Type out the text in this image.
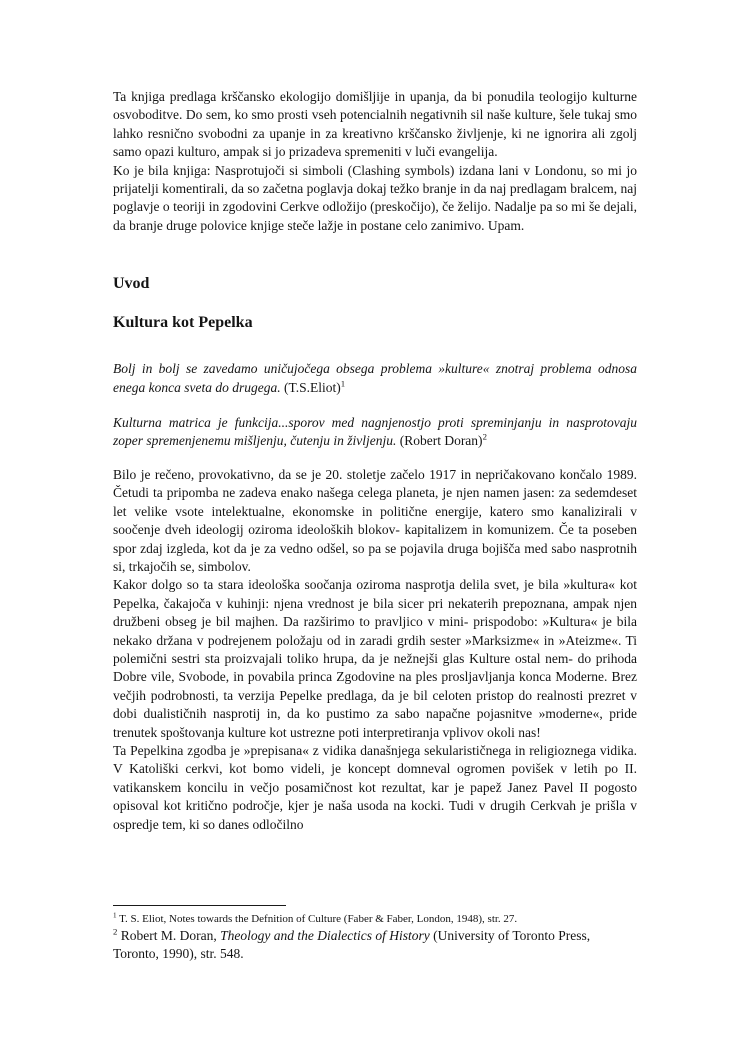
Ta knjiga predlaga krščansko ekologijo domišljije in upanja, da bi ponudila teologijo kulturne osvoboditve. Do sem, ko smo prosti vseh potencialnih negativnih sil naše kulture, šele tukaj smo lahko resnično svobodni za upanje in za kreativno krščansko življenje, ki ne ignorira ali zgolj samo opazi kulturo, ampak si jo prizadeva spremeniti v luči evangelija.

Ko je bila knjiga: Nasprotujoči si simboli (Clashing symbols) izdana lani v Londonu, so mi jo prijatelji komentirali, da so začetna poglavja dokaj težko branje in da naj predlagam bralcem, naj poglavje o teoriji in zgodovini Cerkve odložijo (preskočijo), če želijo. Nadalje pa so mi še dejali, da branje druge polovice knjige steče lažje in postane celo zanimivo. Upam.

Uvod
Kultura kot Pepelka

Bolj in bolj se zavedamo uničujočega obsega problema »kulture« znotraj problema odnosa enega konca sveta do drugega. (T.S.Eliot)$^1$

Kulturna matrica je funkcija...sporov med nagnjenostjo proti spreminjanju in nasprotovaju zoper spremenjenemu mišljenju, čutenju in življenju. (Robert Doran)$^2$

Bilo je rečeno, provokativno, da se je 20. stoletje začelo 1917 in nepričakovano končalo 1989. Četudi ta pripomba ne zadeva enako našega celega planeta, je njen namen jasen: za sedemdeset let velike vsote intelektualne, ekonomske in politične energije, katero smo kanalizirali v soočenje dveh ideologij oziroma ideoloških blokov- kapitalizem in komunizem. Če ta poseben spor zdaj izgleda, kot da je za vedno odšel, so pa se pojavila druga bojišča med sabo nasprotnih si, trkajočih se, simbolov.

Kakor dolgo so ta stara ideološka soočanja oziroma nasprotja delila svet, je bila »kultura« kot Pepelka, čakajoča v kuhinji: njena vrednost je bila sicer pri nekaterih prepoznana, ampak njen družbeni obseg je bil majhen. Da razširimo to pravljico v mini- prispodobo: »Kultura« je bila nekako držana v podrejenem položaju od in zaradi grdih sester »Marksizme« in »Ateizme«. Ti polemični sestri sta proizvajali toliko hrupa, da je nežnejši glas Kulture ostal nem- do prihoda Dobre vile, Svobode, in povabila princa Zgodovine na ples prosljavljanja konca Moderne. Brez večjih podrobnosti, ta verzija Pepelke predlaga, da je bil celoten pristop do realnosti prezret v dobi dualističnih nasprotij in, da ko pustimo za sabo napačne pojasnitve »moderne«, pride trenutek spoštovanja kulture kot ustrezne poti interpretiranja vplivov okoli nas!

Ta Pepelkina zgodba je »prepisana« z vidika današnjega sekularističnega in religioznega vidika. V Katoliški cerkvi, kot bomo videli, je koncept domneval ogromen povišek v letih po II. vatikanskem koncilu in večjo posamičnost kot rezultat, kar je papež Janez Pavel II pogosto opisoval kot kritično področje, kjer je naša usoda na kocki. Tudi v drugih Cerkvah je prišla v ospredje tem, ki so danes odločilno

$^1$ T. S. Eliot, Notes towards the Defnition of Culture (Faber & Faber, London, 1948), str. 27.

$^2$ Robert M. Doran, Theology and the Dialectics of History (University of Toronto Press, Toronto, 1990), str. 548.
